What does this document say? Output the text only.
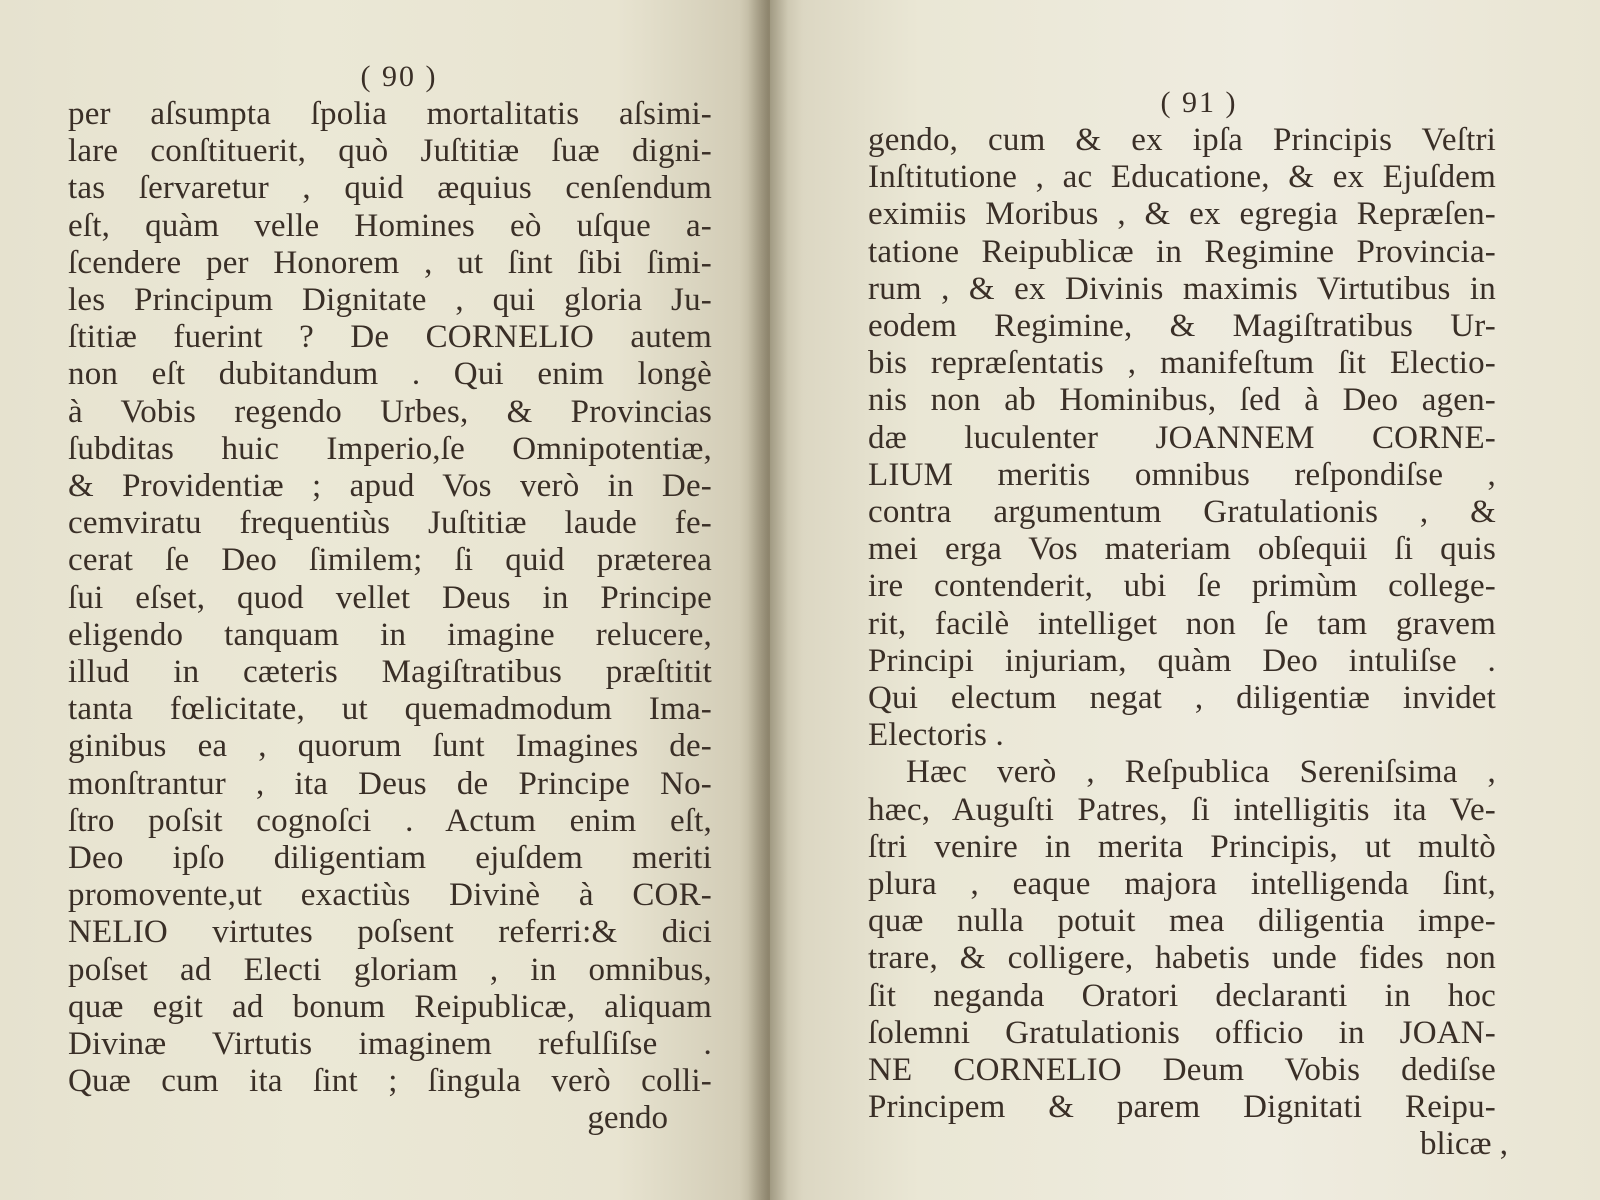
( 90 )
per aſsumpta ſpolia mortalitatis aſsimi-
lare conſtituerit, quò Juſtitiæ ſuæ digni-
tas ſervaretur , quid æquius cenſendum
eſt, quàm velle Homines eò uſque a-
ſcendere per Honorem , ut ſint ſibi ſimi-
les Principum Dignitate , qui gloria Ju-
ſtitiæ fuerint ? De CORNELIO autem
non eſt dubitandum . Qui enim longè
à Vobis regendo Urbes, & Provincias
ſubditas huic Imperio,ſe Omnipotentiæ,
& Providentiæ ; apud Vos verò in De-
cemviratu frequentiùs Juſtitiæ laude fe-
cerat ſe Deo ſimilem; ſi quid præterea
ſui eſset, quod vellet Deus in Principe
eligendo tanquam in imagine relucere,
illud in cæteris Magiſtratibus præſtitit
tanta fœlicitate, ut quemadmodum Ima-
ginibus ea , quorum ſunt Imagines de-
monſtrantur , ita Deus de Principe No-
ſtro poſsit cognoſci . Actum enim eſt,
Deo ipſo diligentiam ejuſdem meriti
promovente,ut exactiùs Divinè à COR-
NELIO virtutes poſsent referri:& dici
poſset ad Electi gloriam , in omnibus,
quæ egit ad bonum Reipublicæ, aliquam
Divinæ Virtutis imaginem refulſiſse .
Quæ cum ita ſint ; ſingula verò colli-
gendo
( 91 )
gendo, cum & ex ipſa Principis Veſtri
Inſtitutione , ac Educatione, & ex Ejuſdem
eximiis Moribus , & ex egregia Repræſen-
tatione Reipublicæ in Regimine Provincia-
rum , & ex Divinis maximis Virtutibus in
eodem Regimine, & Magiſtratibus Ur-
bis repræſentatis , manifeſtum ſit Electio-
nis non ab Hominibus, ſed à Deo agen-
dæ luculenter JOANNEM CORNE-
LIUM meritis omnibus reſpondiſse ,
contra argumentum Gratulationis , &
mei erga Vos materiam obſequii ſi quis
ire contenderit, ubi ſe primùm college-
rit, facilè intelliget non ſe tam gravem
Principi injuriam, quàm Deo intuliſse .
Qui electum negat , diligentiæ invidet
Electoris .
Hæc verò , Reſpublica Sereniſsima ,
hæc, Auguſti Patres, ſi intelligitis ita Ve-
ſtri venire in merita Principis, ut multò
plura , eaque majora intelligenda ſint,
quæ nulla potuit mea diligentia impe-
trare, & colligere, habetis unde fides non
ſit neganda Oratori declaranti in hoc
ſolemni Gratulationis officio in JOAN-
NE CORNELIO Deum Vobis dediſse
Principem & parem Dignitati Reipu-
blicæ ,
